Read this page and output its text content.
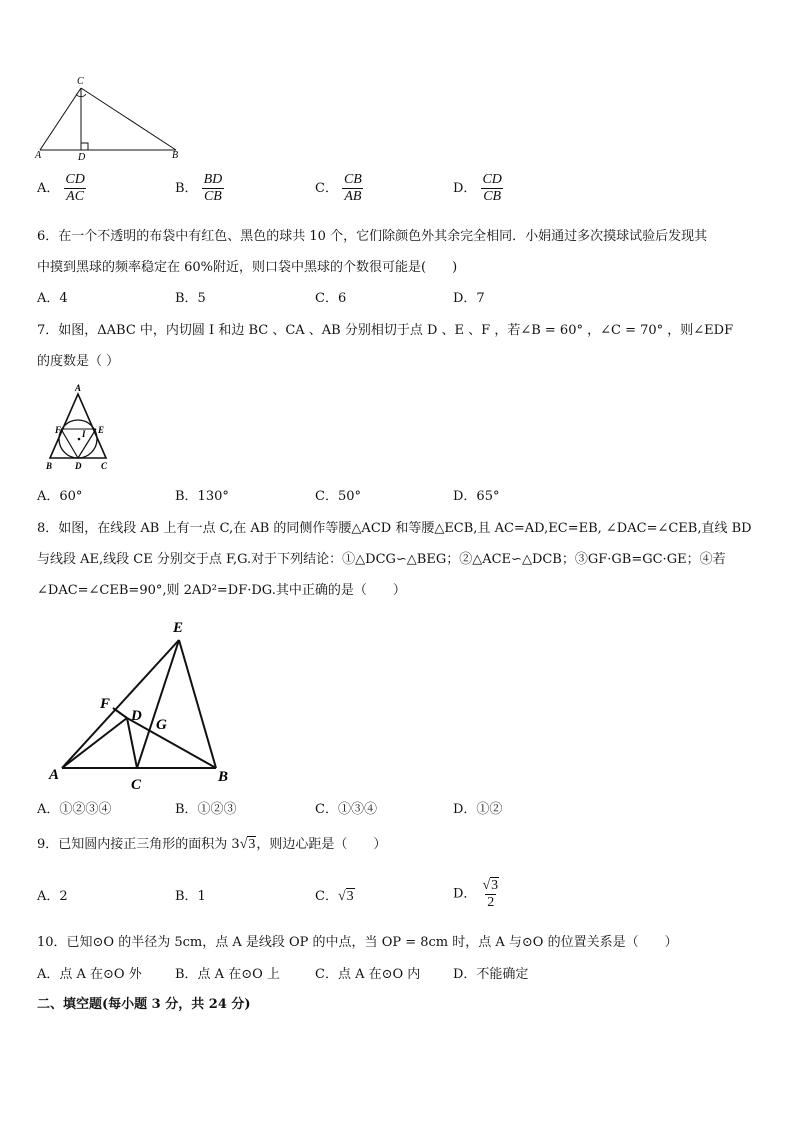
C
A	D	B
A． $\frac{CD}{AC}$	B． $\frac{BD}{CB}$	C． $\frac{CB}{AB}$	D． $\frac{CD}{CB}$
6．在一个不透明的布袋中有红色、黑色的球共 10 个，它们除颜色外其余完全相同．小娟通过多次摸球试验后发现其
中摸到黑球的频率稳定在 60%附近，则口袋中黑球的个数很可能是(　　)
A．4	B．5	C．6	D．7
7．如图，ΔABC 中，内切圆 I 和边 BC 、CA 、AB 分别相切于点 D 、E 、F ，若∠B = 60° ，∠C = 70° ，则∠EDF
的度数是（ ）
A
F I E
B	D C
A．60°	B．130°	C．50°	D．65°
8．如图，在线段 AB 上有一点 C,在 AB 的同侧作等腰△ACD 和等腰△ECB,且 AC=AD,EC=EB, ∠DAC=∠CEB,直线 BD
与线段 AE,线段 CE 分别交于点 F,G.对于下列结论：①△DCG∽△BEG；②△ACE∽△DCB；③GF·GB=GC·GE；④若
∠DAC=∠CEB=90°,则 2AD²=DF·DG.其中正确的是（　　）
E
F
D
G
A
C	B
A．①②③④	B．①②③	C．①③④	D．①②
9．已知圆内接正三角形的面积为 3√3，则边心距是（　　）
A．2	B．1	C．√3	D． $\frac{√3}{2}$
10．已知⊙O 的半径为 5cm，点 A 是线段 OP 的中点，当 OP = 8cm 时，点 A 与⊙O 的位置关系是（　　）
A．点 A 在⊙O 外	B．点 A 在⊙O 上	C．点 A 在⊙O 内	D．不能确定
二、填空题(每小题 3 分，共 24 分)
